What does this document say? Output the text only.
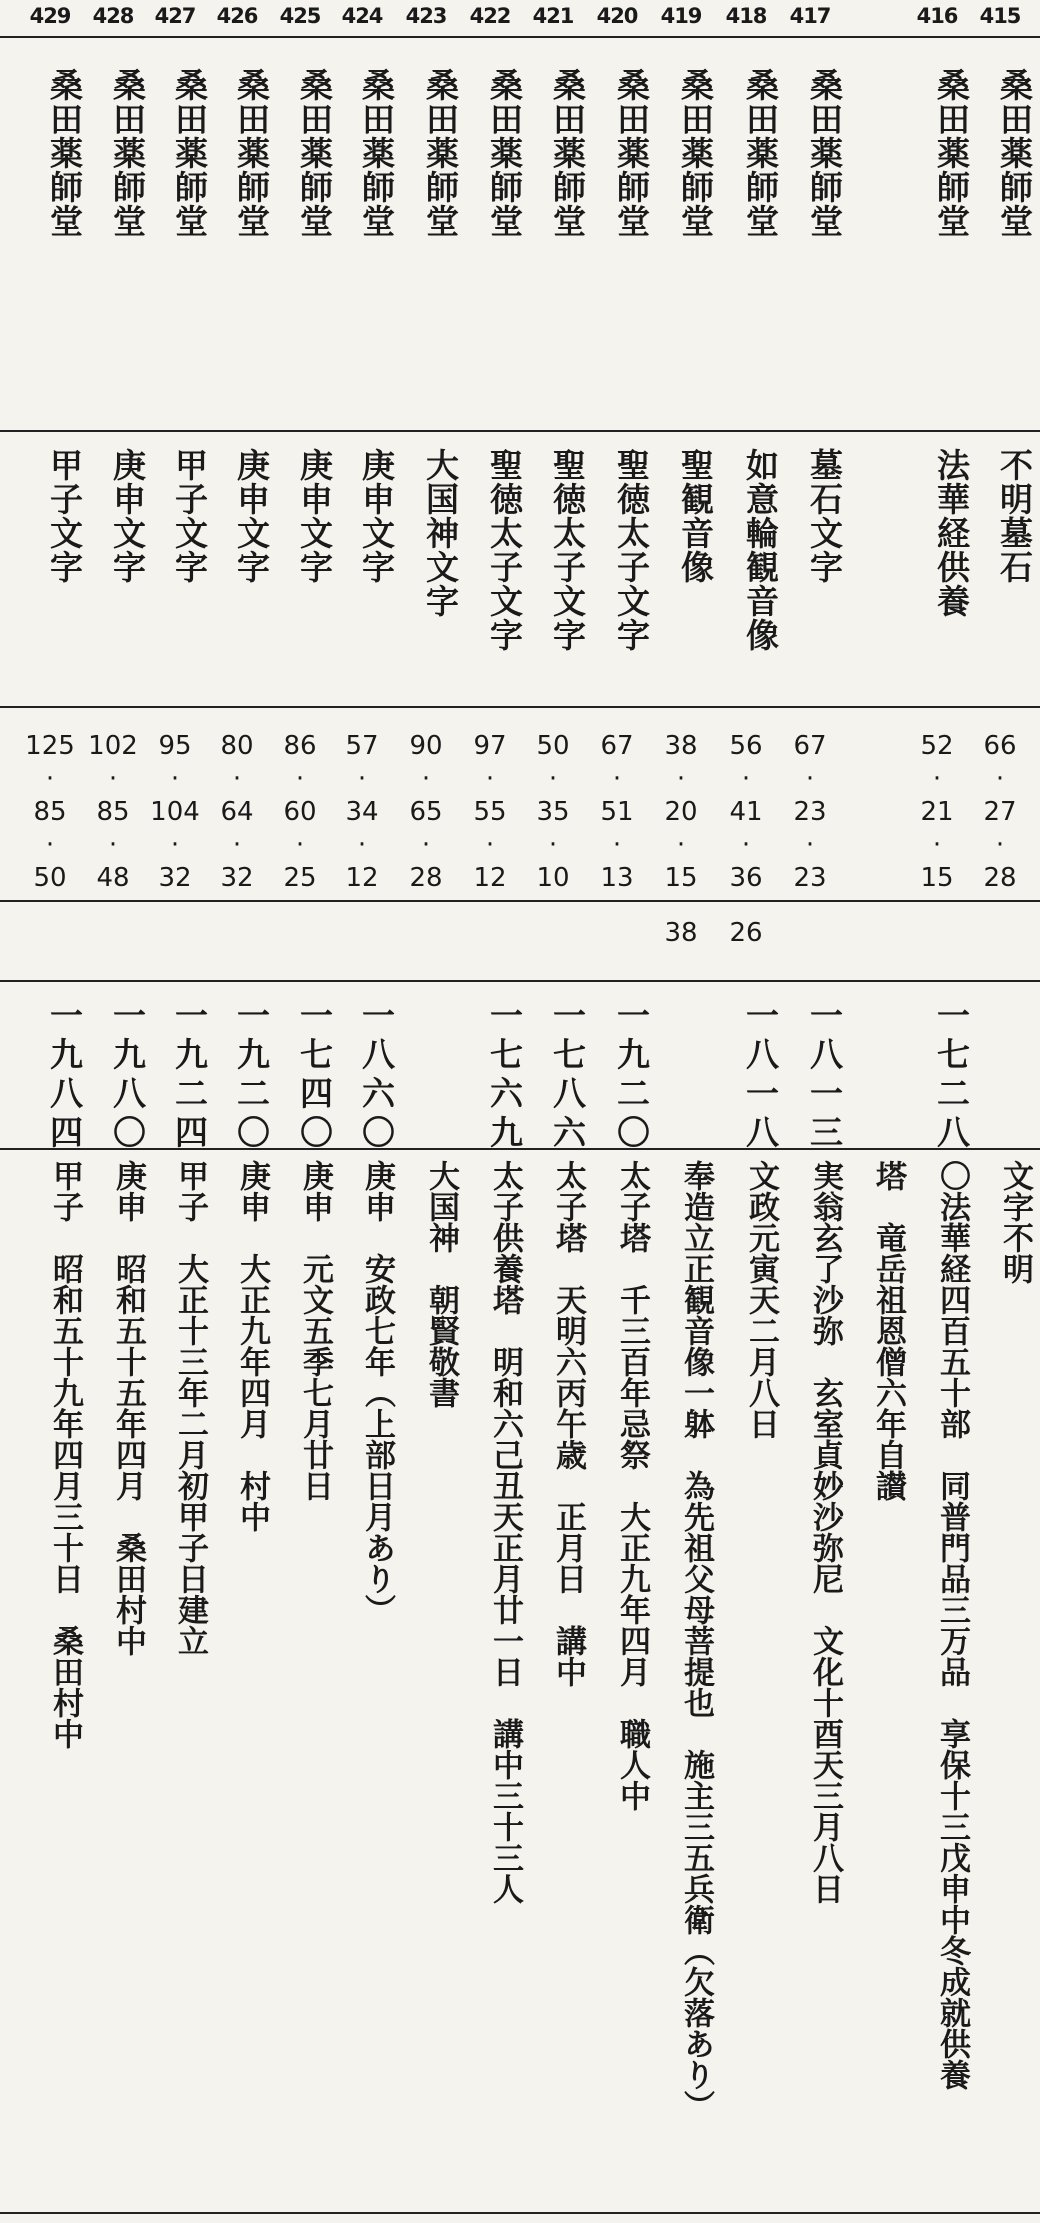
429
桑田薬師堂
甲子文字
125
·
85
·
50
一九八四
甲子　昭和五十九年四月三十日　桑田村中
428
桑田薬師堂
庚申文字
102
·
85
·
48
一九八〇
庚申　昭和五十五年四月　桑田村中
427
桑田薬師堂
甲子文字
95
·
104
·
32
一九二四
甲子　大正十三年二月初甲子日建立
426
桑田薬師堂
庚申文字
80
·
64
·
32
一九二〇
庚申　大正九年四月　村中
425
桑田薬師堂
庚申文字
86
·
60
·
25
一七四〇
庚申　元文五季七月廿日
424
桑田薬師堂
庚申文字
57
·
34
·
12
一八六〇
庚申　安政七年（上部日月あり）
423
桑田薬師堂
大国神文字
90
·
65
·
28
大国神　朝賢敬書
422
桑田薬師堂
聖徳太子文字
97
·
55
·
12
一七六九
太子供養塔　明和六己丑天正月廿一日　講中三十三人
421
桑田薬師堂
聖徳太子文字
50
·
35
·
10
一七八六
太子塔　天明六丙午歳　正月日　講中
420
桑田薬師堂
聖徳太子文字
67
·
51
·
13
一九二〇
太子塔　千三百年忌祭　大正九年四月　職人中
419
桑田薬師堂
聖観音像
38
·
20
·
15
38
奉造立正観音像一躰　為先祖父母菩提也　施主三五兵衛（欠落あり）
418
桑田薬師堂
如意輪観音像
56
·
41
·
36
26
一八一八
文政元寅天二月八日
417
桑田薬師堂
墓石文字
67
·
23
·
23
一八一三
実翁玄了沙弥　玄室貞妙沙弥尼　文化十酉天三月八日 塔　竜岳祖恩僧六年自讃
416
桑田薬師堂
法華経供養
52
·
21
·
15
一七二八
〇法華経四百五十部　同普門品三万品　享保十三戊申中冬成就供養
415
桑田薬師堂
不明墓石
66
·
27
·
28
文字不明
